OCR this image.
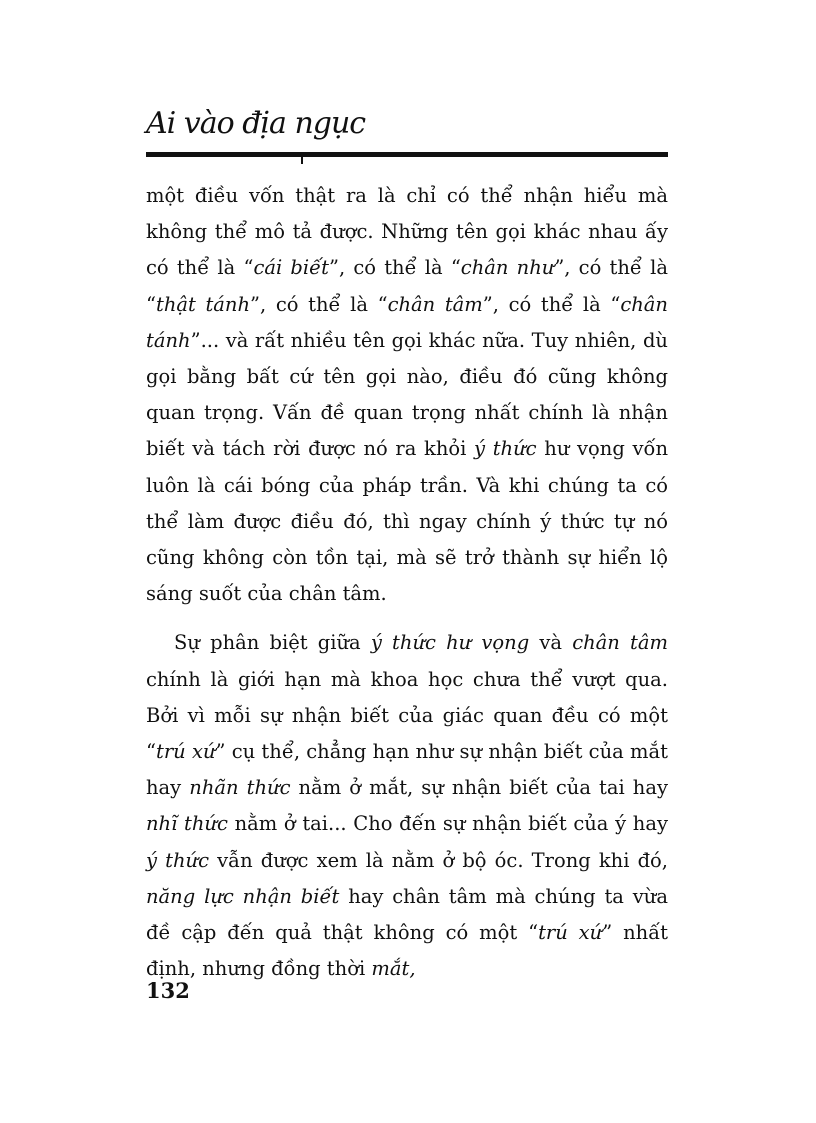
Ai vào địa ngục

một điều vốn thật ra là chỉ có thể nhận hiểu mà không thể mô tả được. Những tên gọi khác nhau ấy có thể là “cái biết”, có thể là “chân như”, có thể là “thật tánh”, có thể là “chân tâm”, có thể là “chân tánh”... và rất nhiều tên gọi khác nữa. Tuy nhiên, dù gọi bằng bất cứ tên gọi nào, điều đó cũng không quan trọng. Vấn đề quan trọng nhất chính là nhận biết và tách rời được nó ra khỏi ý thức hư vọng vốn luôn là cái bóng của pháp trần. Và khi chúng ta có thể làm được điều đó, thì ngay chính ý thức tự nó cũng không còn tồn tại, mà sẽ trở thành sự hiển lộ sáng suốt của chân tâm.

Sự phân biệt giữa ý thức hư vọng và chân tâm chính là giới hạn mà khoa học chưa thể vượt qua. Bởi vì mỗi sự nhận biết của giác quan đều có một “trú xứ” cụ thể, chẳng hạn như sự nhận biết của mắt hay nhãn thức nằm ở mắt, sự nhận biết của tai hay nhĩ thức nằm ở tai... Cho đến sự nhận biết của ý hay ý thức vẫn được xem là nằm ở bộ óc. Trong khi đó, năng lực nhận biết hay chân tâm mà chúng ta vừa đề cập đến quả thật không có một “trú xứ” nhất định, nhưng đồng thời mắt,

132
